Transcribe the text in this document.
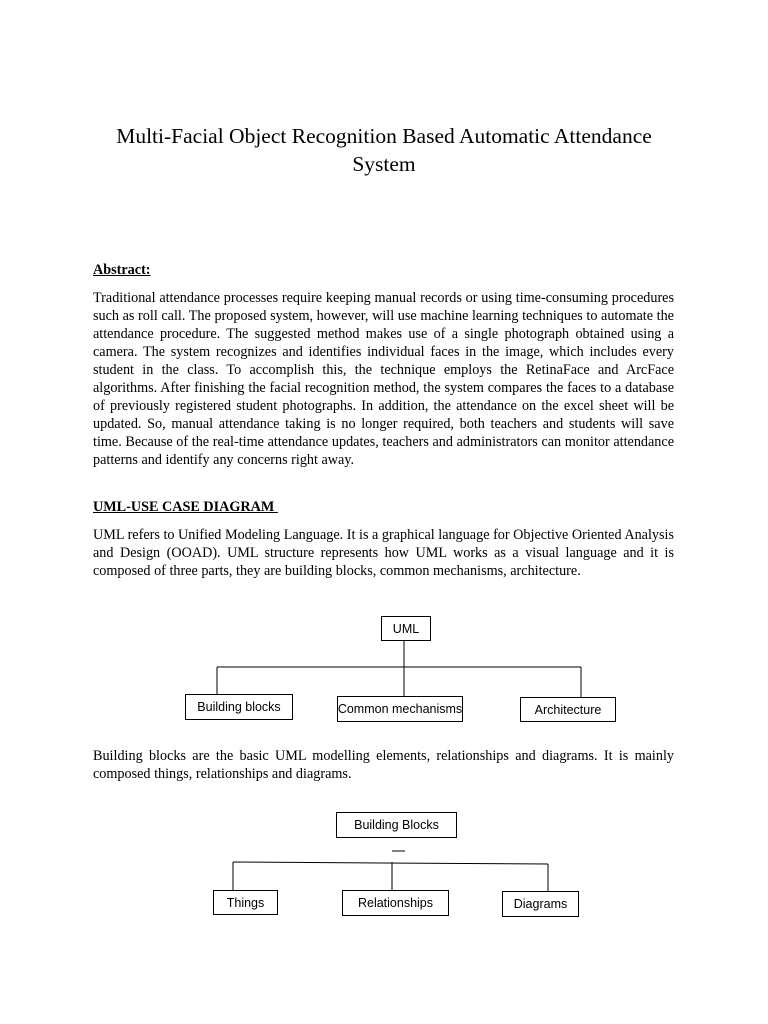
Multi-Facial Object Recognition Based Automatic Attendance System
Abstract:

Traditional attendance processes require keeping manual records or using time-consuming procedures such as roll call. The proposed system, however, will use machine learning techniques to automate the attendance procedure. The suggested method makes use of a single photograph obtained using a camera. The system recognizes and identifies individual faces in the image, which includes every student in the class. To accomplish this, the technique employs the RetinaFace and ArcFace algorithms. After finishing the facial recognition method, the system compares the faces to a database of previously registered student photographs. In addition, the attendance on the excel sheet will be updated. So, manual attendance taking is no longer required, both teachers and students will save time. Because of the real-time attendance updates, teachers and administrators can monitor attendance patterns and identify any concerns right away.

UML-USE CASE DIAGRAM

UML refers to Unified Modeling Language. It is a graphical language for Objective Oriented Analysis and Design (OOAD). UML structure represents how UML works as a visual language and it is composed of three parts, they are building blocks, common mechanisms, architecture.

UML
Building blocks	Common mechanisms	Architecture

Building blocks are the basic UML modelling elements, relationships and diagrams. It is mainly composed things, relationships and diagrams.

Building Blocks
Things	Relationships	Diagrams
